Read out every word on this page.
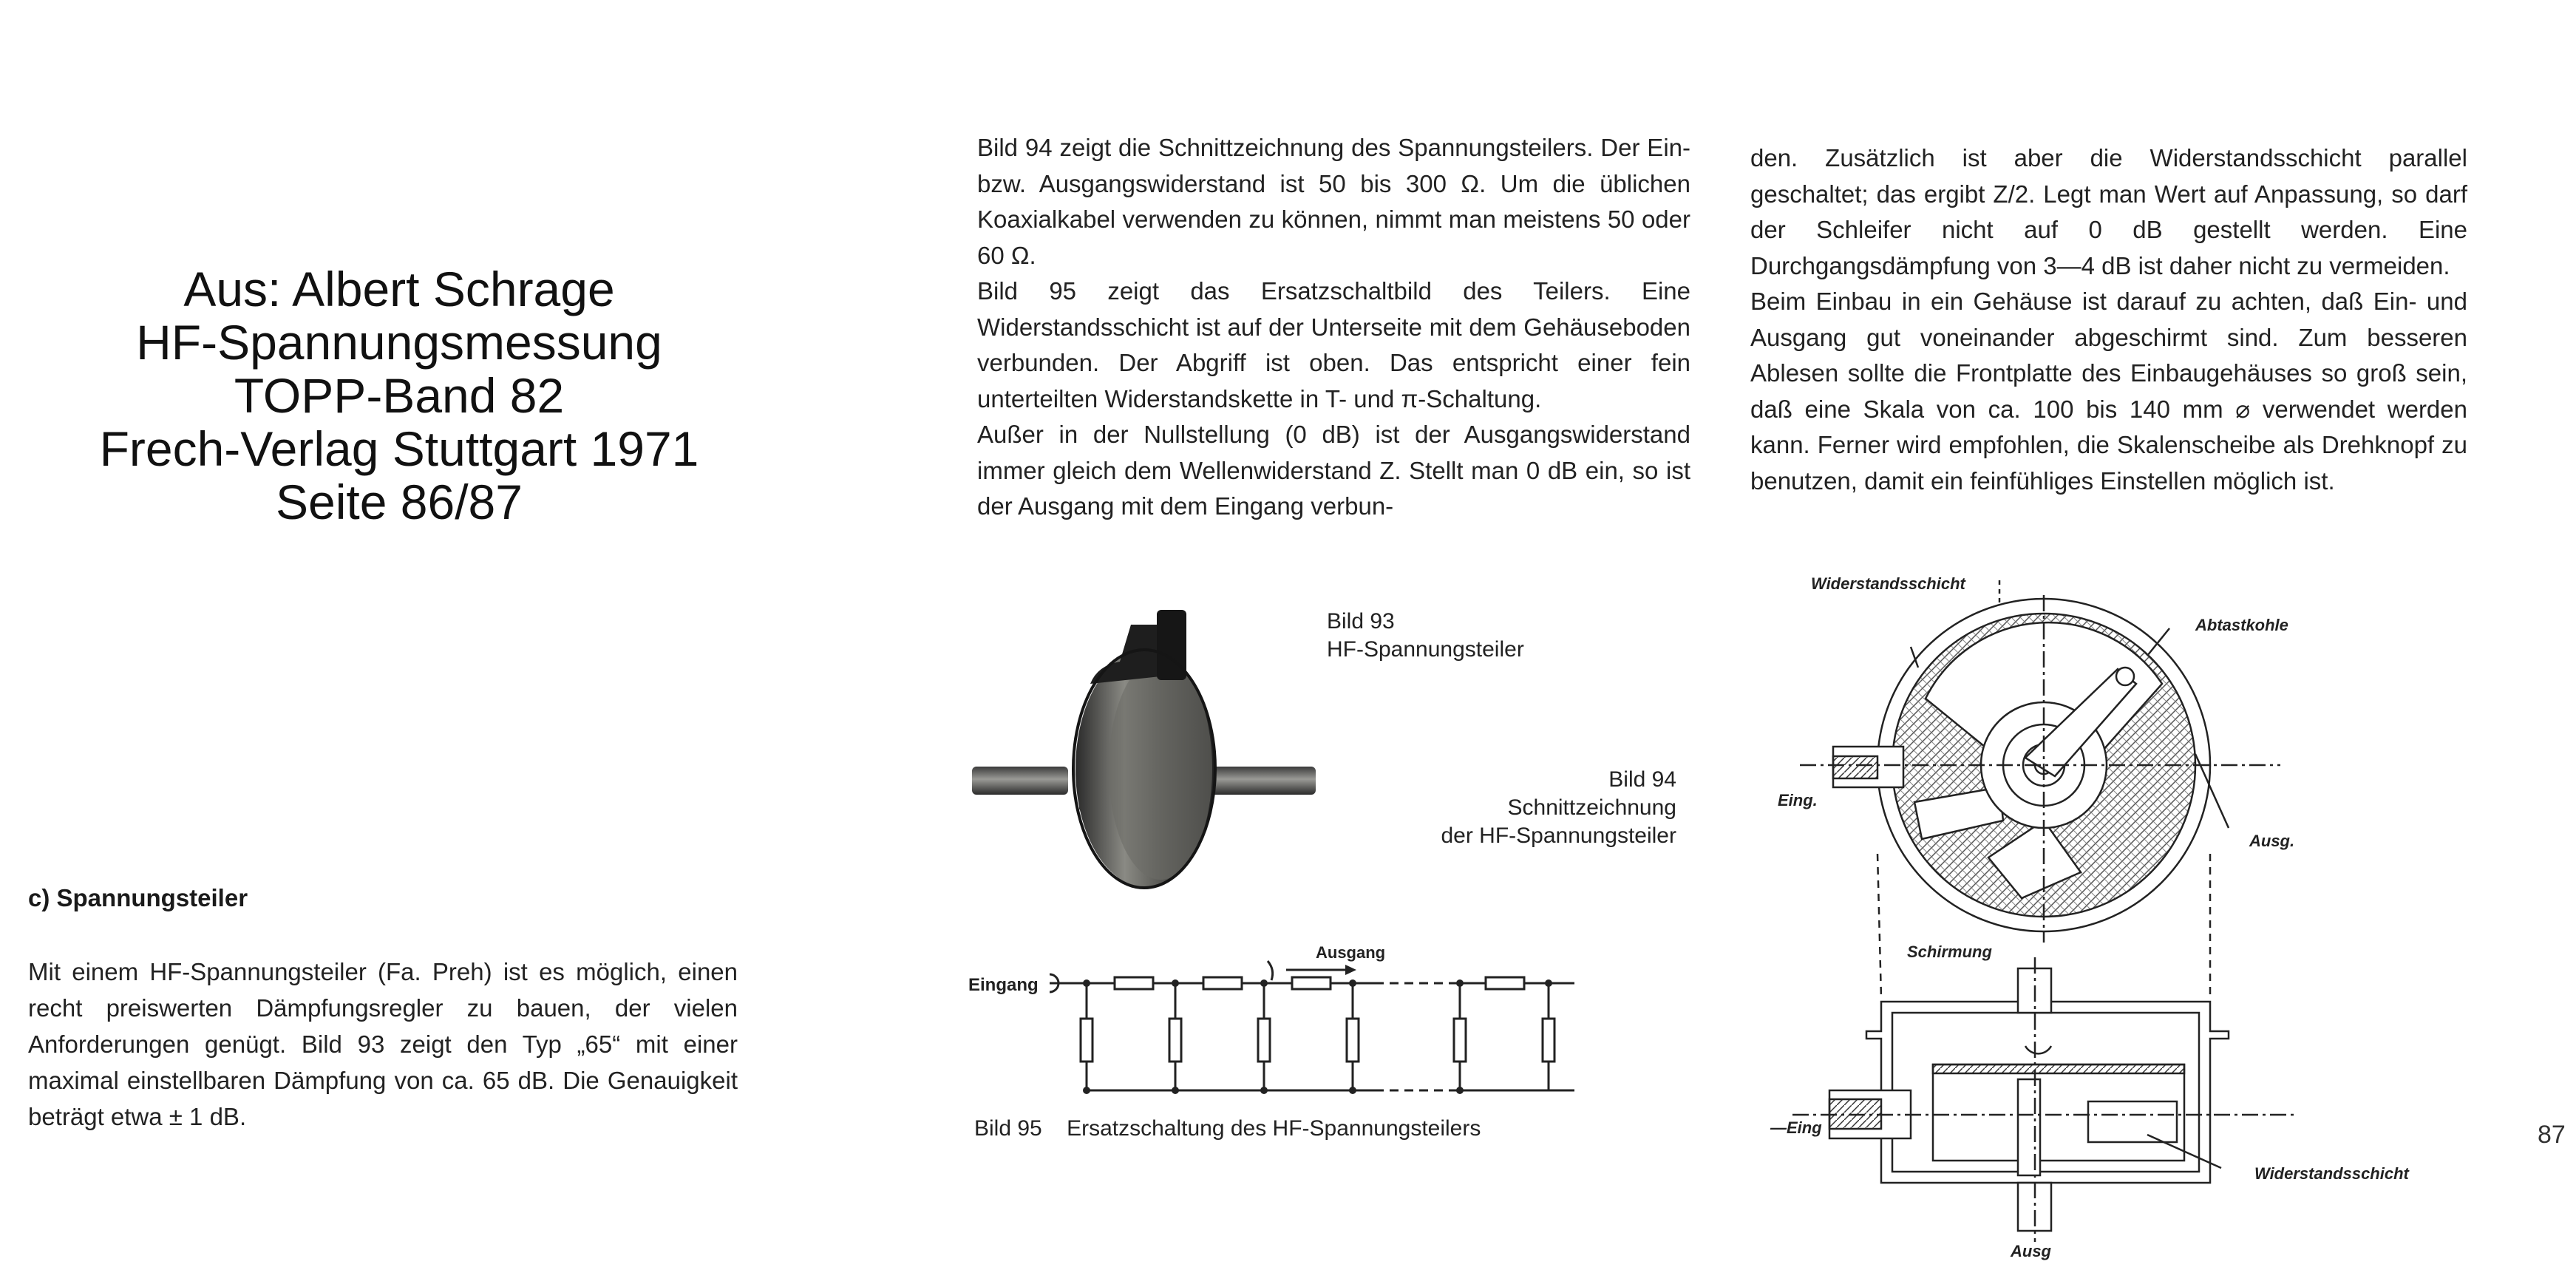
Aus: Albert Schrage
HF-Spannungsmessung
TOPP-Band 82
Frech-Verlag Stuttgart 1971
Seite 86/87
c) Spannungsteiler
Mit einem HF-Spannungsteiler (Fa. Preh) ist es möglich, einen recht preiswerten Dämpfungsregler zu bauen, der vielen Anforderungen genügt. Bild 93 zeigt den Typ „65“ mit einer maximal einstellbaren Dämpfung von ca. 65 dB. Die Genauigkeit beträgt etwa ± 1 dB.

Bild 94 zeigt die Schnittzeichnung des Spannungsteilers. Der Ein- bzw. Ausgangswiderstand ist 50 bis 300 Ω. Um die üblichen Koaxialkabel verwenden zu können, nimmt man meistens 50 oder 60 Ω.

Bild 95 zeigt das Ersatzschaltbild des Teilers. Eine Widerstandsschicht ist auf der Unterseite mit dem Gehäuseboden verbunden. Der Abgriff ist oben. Das entspricht einer fein unterteilten Widerstandskette in T- und π-Schaltung.

Außer in der Nullstellung (0 dB) ist der Ausgangswiderstand immer gleich dem Wellenwiderstand Z. Stellt man 0 dB ein, so ist der Ausgang mit dem Eingang verbun-

den. Zusätzlich ist aber die Widerstandsschicht parallel geschaltet; das ergibt Z/2. Legt man Wert auf Anpassung, so darf der Schleifer nicht auf 0 dB gestellt werden. Eine Durchgangsdämpfung von 3—4 dB ist daher nicht zu vermeiden.

Beim Einbau in ein Gehäuse ist darauf zu achten, daß Ein- und Ausgang gut voneinander abgeschirmt sind. Zum besseren Ablesen sollte die Frontplatte des Einbaugehäuses so groß sein, daß eine Skala von ca. 100 bis 140 mm ⌀ verwendet werden kann. Ferner wird empfohlen, die Skalenscheibe als Drehknopf zu benutzen, damit ein feinfühliges Einstellen möglich ist.

Bild 93
HF-Spannungsteiler
Bild 94
Schnittzeichnung
der HF-Spannungsteiler
Eingang
Ausgang
Bild 95    Ersatzschaltung des HF-Spannungsteilers
Widerstandsschicht
Abtastkohle
Eing.
Ausg.
Schirmung
—Eing
Widerstandsschicht
Ausg
87
